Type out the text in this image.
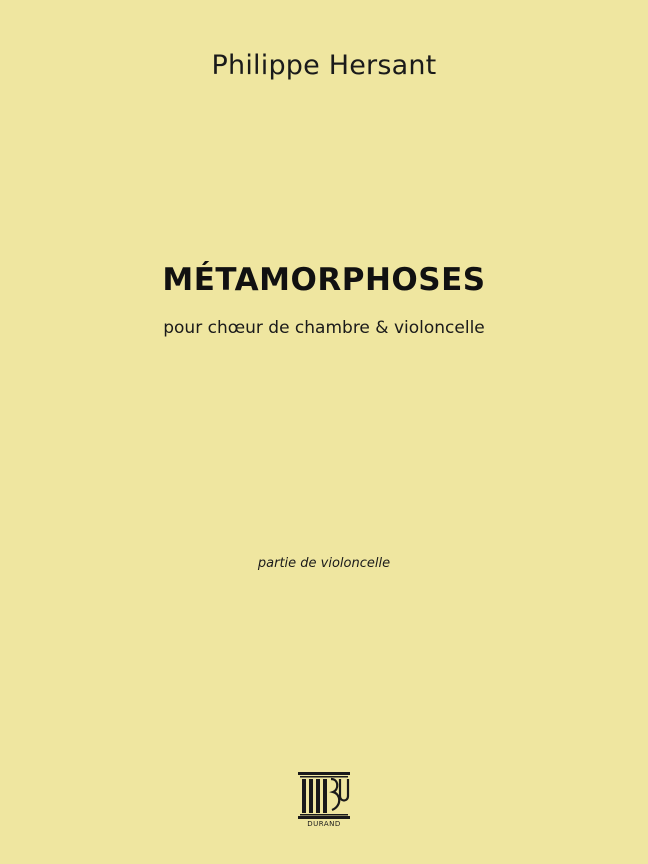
Philippe Hersant
MÉTAMORPHOSES
pour chœur de chambre & violoncelle
partie de violoncelle
DURAND
